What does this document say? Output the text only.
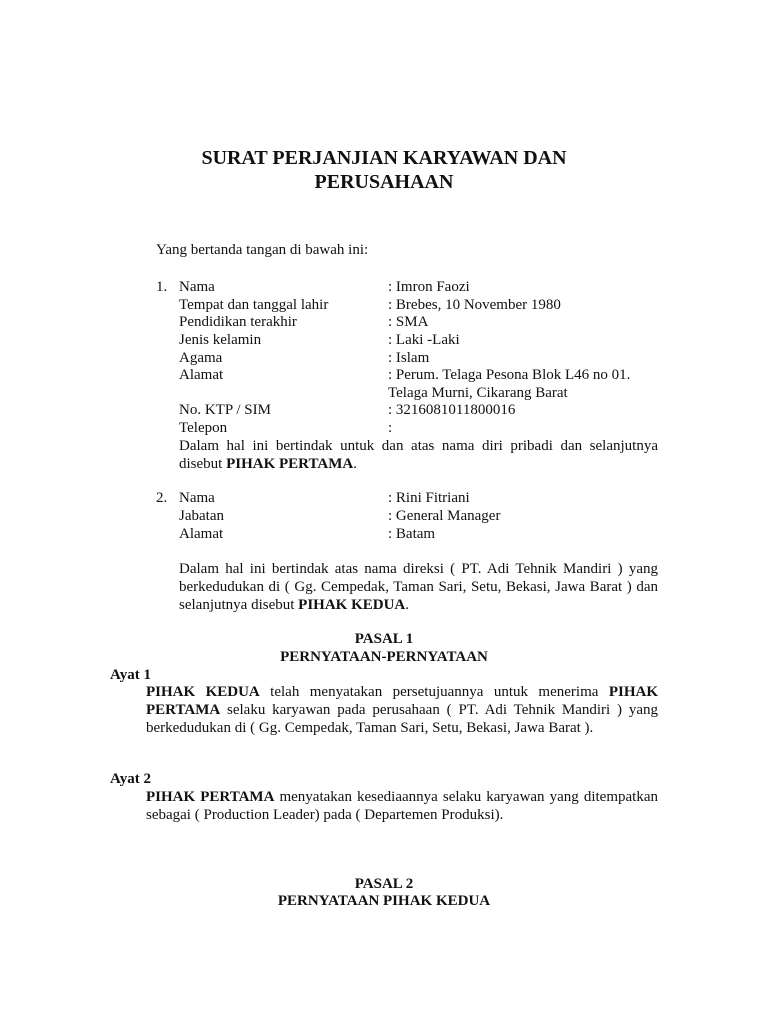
SURAT PERJANJIAN KARYAWAN DAN
PERUSAHAAN
Yang bertanda tangan di bawah ini:
1. Nama	: Imron Faozi
Tempat dan tanggal lahir	: Brebes, 10 November 1980
Pendidikan terakhir	: SMA
Jenis kelamin	: Laki -Laki
Agama	: Islam
Alamat	: Perum. Telaga Pesona Blok L46 no 01.
Telaga Murni, Cikarang Barat
No. KTP / SIM	: 3216081011800016
Telepon	:
Dalam hal ini bertindak untuk dan atas nama diri pribadi dan selanjutnya disebut PIHAK PERTAMA.
2. Nama	: Rini Fitriani
Jabatan	: General Manager
Alamat	: Batam
Dalam hal ini bertindak atas nama direksi ( PT. Adi Tehnik Mandiri ) yang berkedudukan di ( Gg. Cempedak, Taman Sari, Setu, Bekasi, Jawa Barat ) dan selanjutnya disebut PIHAK KEDUA.
PASAL 1
PERNYATAAN-PERNYATAAN
Ayat 1
PIHAK KEDUA telah menyatakan persetujuannya untuk menerima PIHAK PERTAMA selaku karyawan pada perusahaan ( PT. Adi Tehnik Mandiri ) yang berkedudukan di ( Gg. Cempedak, Taman Sari, Setu, Bekasi, Jawa Barat ).
Ayat 2
PIHAK PERTAMA menyatakan kesediaannya selaku karyawan yang ditempatkan sebagai ( Production Leader) pada ( Departemen Produksi).
PASAL 2
PERNYATAAN PIHAK KEDUA
